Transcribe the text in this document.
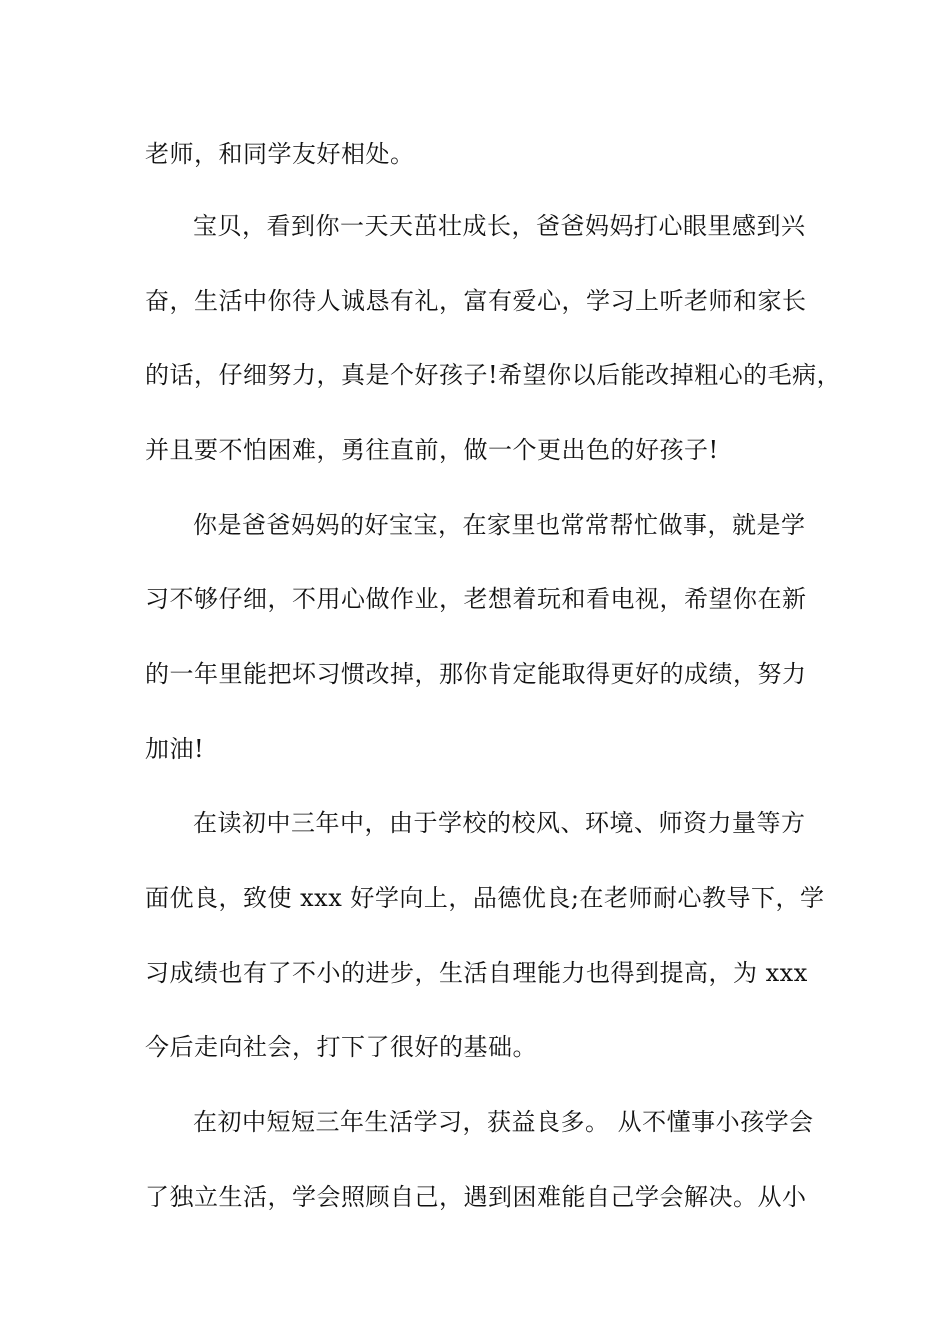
老师，和同学友好相处。
宝贝，看到你一天天茁壮成长，爸爸妈妈打心眼里感到兴
奋，生活中你待人诚恳有礼，富有爱心，学习上听老师和家长
的话，仔细努力，真是个好孩子!希望你以后能改掉粗心的毛病，
并且要不怕困难，勇往直前，做一个更出色的好孩子!
你是爸爸妈妈的好宝宝，在家里也常常帮忙做事，就是学
习不够仔细，不用心做作业，老想着玩和看电视，希望你在新
的一年里能把坏习惯改掉，那你肯定能取得更好的成绩，努力
加油!
在读初中三年中，由于学校的校风、环境、师资力量等方
面优良，致使 xxx 好学向上，品德优良;在老师耐心教导下，学
习成绩也有了不小的进步，生活自理能力也得到提高，为 xxx
今后走向社会，打下了很好的基础。
在初中短短三年生活学习，获益良多。 从不懂事小孩学会
了独立生活，学会照顾自己，遇到困难能自己学会解决。从小
